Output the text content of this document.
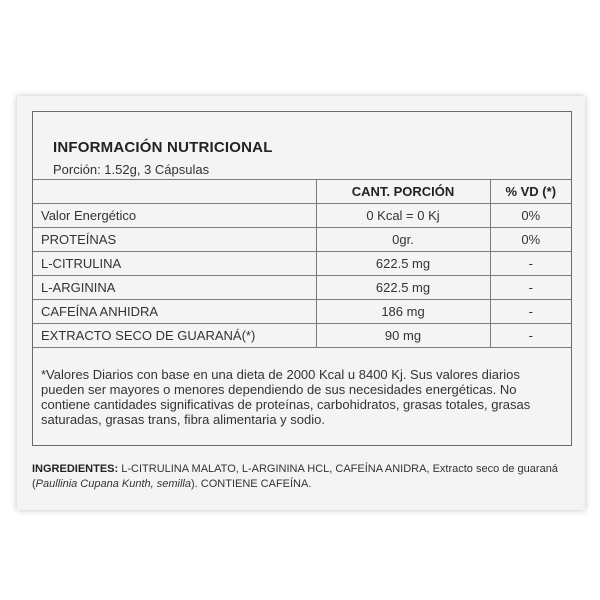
INFORMACIÓN NUTRICIONAL
Porción: 1.52g, 3 Cápsulas
	CANT. PORCIÓN	% VD (*)
Valor Energético	0 Kcal = 0 Kj	0%
PROTEÍNAS	0gr.	0%
L-CITRULINA	622.5 mg	-
L-ARGININA	622.5 mg	-
CAFEÍNA ANHIDRA	186 mg	-
EXTRACTO SECO DE GUARANÁ(*)	90 mg	-
*Valores Diarios con base en una dieta de 2000 Kcal u 8400 Kj. Sus valores diarios pueden ser mayores o menores dependiendo de sus necesidades energéticas. No contiene cantidades significativas de proteínas, carbohidratos, grasas totales, grasas saturadas, grasas trans, fibra alimentaria y sodio.
INGREDIENTES: L-CITRULINA MALATO, L-ARGININA HCL, CAFEÍNA ANIDRA, Extracto seco de guaraná (Paullinia Cupana Kunth, semilla). CONTIENE CAFEÍNA.
